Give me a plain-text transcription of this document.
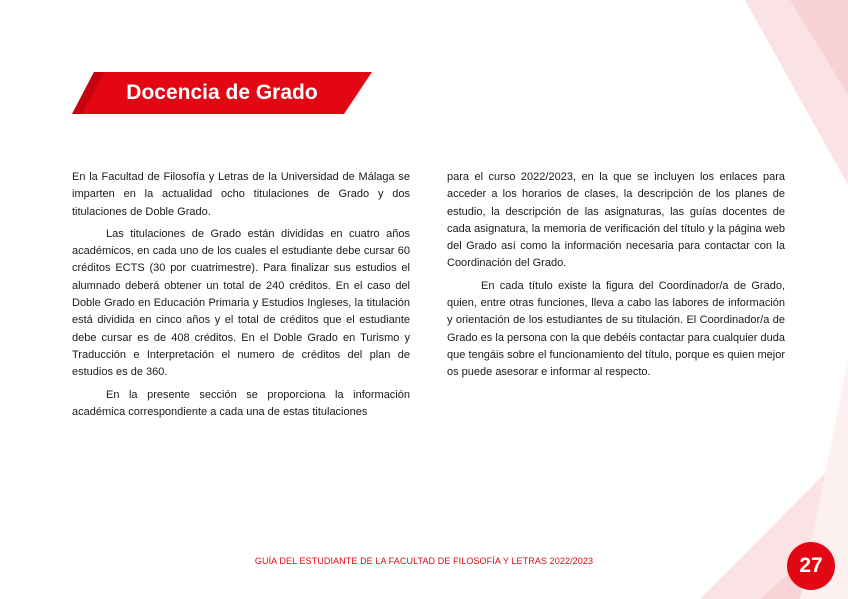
Docencia de Grado

En la Facultad de Filosofía y Letras de la Universidad de Málaga se imparten en la actualidad ocho titulaciones de Grado y dos titulaciones de Doble Grado.

Las titulaciones de Grado están divididas en cuatro años académicos, en cada uno de los cuales el estudiante debe cursar 60 créditos ECTS (30 por cuatrimestre). Para finalizar sus estudios el alumnado deberá obtener un total de 240 créditos. En el caso del Doble Grado en Educación Primaria y Estudios Ingleses, la titulación está dividida en cinco años y el total de créditos que el estudiante debe cursar es de 408 créditos. En el Doble Grado en Turismo y Traducción e Interpretación el numero de créditos del plan de estudios es de 360.

En la presente sección se proporciona la información académica correspondiente a cada una de estas titulaciones

para el curso 2022/2023, en la que se incluyen los enlaces para acceder a los horarios de clases, la descripción de los planes de estudio, la descripción de las asignaturas, las guías docentes de cada asignatura, la memoria de verificación del título y la página web del Grado así como la información necesaria para contactar con la Coordinación del Grado.

En cada título existe la figura del Coordinador/a de Grado, quien, entre otras funciones, lleva a cabo las labores de información y orientación de los estudiantes de su titulación. El Coordinador/a de Grado es la persona con la que debéis contactar para cualquier duda que tengáis sobre el funcionamiento del título, porque es quien mejor os puede asesorar e informar al respecto.

GUÍA DEL ESTUDIANTE DE LA FACULTAD DE FILOSOFÍA Y LETRAS 2022/2023	27
